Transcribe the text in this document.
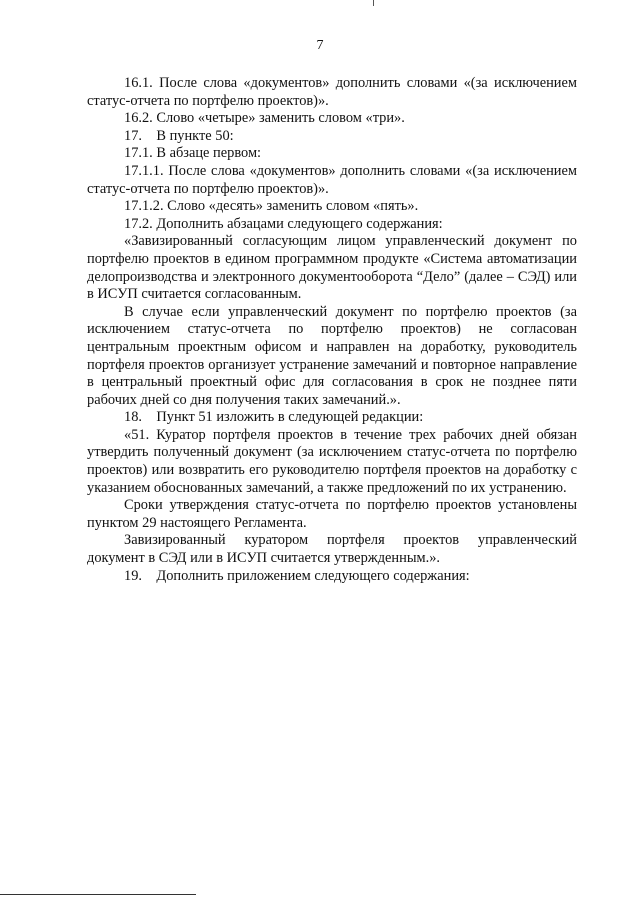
7

16.1. После слова «документов» дополнить словами «(за исключением статус-отчета по портфелю проектов)».

16.2. Слово «четыре» заменить словом «три».

17.    В пункте 50:

17.1. В абзаце первом:

17.1.1. После слова «документов» дополнить словами «(за исключением статус-отчета по портфелю проектов)».

17.1.2. Слово «десять» заменить словом «пять».

17.2. Дополнить абзацами следующего содержания:

«Завизированный согласующим лицом управленческий документ по портфелю проектов в едином программном продукте «Система автоматизации делопроизводства и электронного документооборота “Дело” (далее – СЭД) или в ИСУП считается согласованным.

В случае если управленческий документ по портфелю проектов (за исключением статус-отчета по портфелю проектов) не согласован центральным проектным офисом и направлен на доработку, руководитель портфеля проектов организует устранение замечаний и повторное направление в центральный проектный офис для согласования в срок не позднее пяти рабочих дней со дня получения таких замечаний.».

18.    Пункт 51 изложить в следующей редакции:

«51. Куратор портфеля проектов в течение трех рабочих дней обязан утвердить полученный документ (за исключением статус-отчета по портфелю проектов) или возвратить его руководителю портфеля проектов на доработку с указанием обоснованных замечаний, а также предложений по их устранению.

Сроки утверждения статус-отчета по портфелю проектов установлены пунктом 29 настоящего Регламента.

Завизированный куратором портфеля проектов управленческий документ в СЭД или в ИСУП считается утвержденным.».

19.    Дополнить приложением следующего содержания:
